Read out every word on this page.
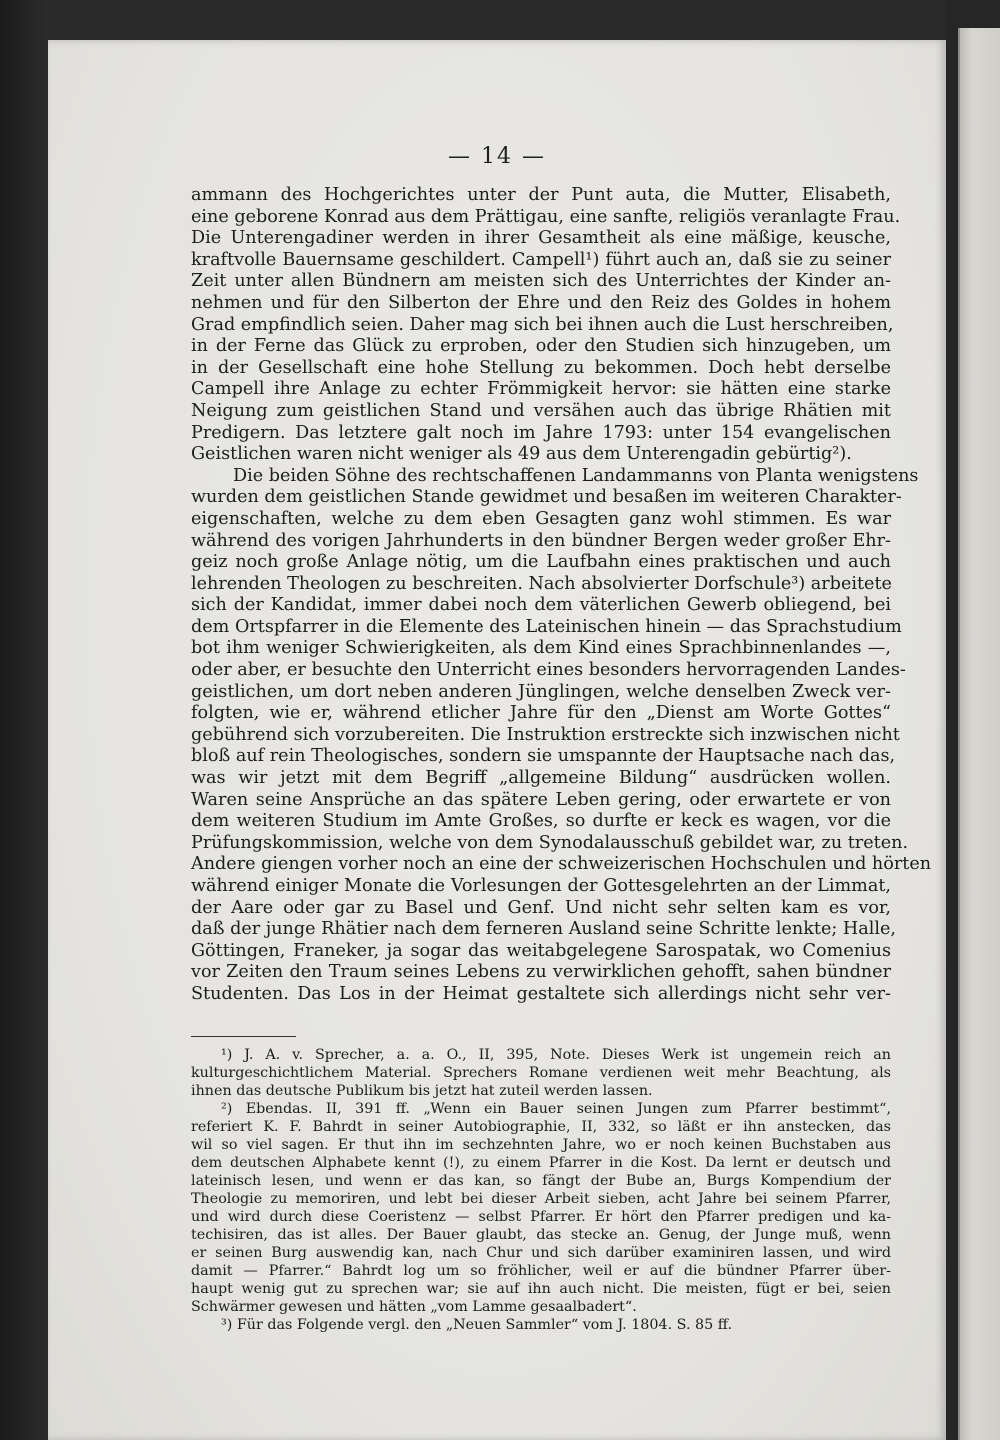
— 14 —
ammann des Hochgerichtes unter der Punt auta, die Mutter, Elisabeth,
eine geborene Konrad aus dem Prättigau, eine sanfte, religiös veranlagte Frau.
Die Unterengadiner werden in ihrer Gesamtheit als eine mäßige, keusche,
kraftvolle Bauernsame geschildert. Campell¹) führt auch an, daß sie zu seiner
Zeit unter allen Bündnern am meisten sich des Unterrichtes der Kinder an-
nehmen und für den Silberton der Ehre und den Reiz des Goldes in hohem
Grad empfindlich seien. Daher mag sich bei ihnen auch die Lust herschreiben,
in der Ferne das Glück zu erproben, oder den Studien sich hinzugeben, um
in der Gesellschaft eine hohe Stellung zu bekommen. Doch hebt derselbe
Campell ihre Anlage zu echter Frömmigkeit hervor: sie hätten eine starke
Neigung zum geistlichen Stand und versähen auch das übrige Rhätien mit
Predigern. Das letztere galt noch im Jahre 1793: unter 154 evangelischen
Geistlichen waren nicht weniger als 49 aus dem Unterengadin gebürtig²).
Die beiden Söhne des rechtschaffenen Landammanns von Planta wenigstens
wurden dem geistlichen Stande gewidmet und besaßen im weiteren Charakter-
eigenschaften, welche zu dem eben Gesagten ganz wohl stimmen. Es war
während des vorigen Jahrhunderts in den bündner Bergen weder großer Ehr-
geiz noch große Anlage nötig, um die Laufbahn eines praktischen und auch
lehrenden Theologen zu beschreiten. Nach absolvierter Dorfschule³) arbeitete
sich der Kandidat, immer dabei noch dem väterlichen Gewerb obliegend, bei
dem Ortspfarrer in die Elemente des Lateinischen hinein — das Sprachstudium
bot ihm weniger Schwierigkeiten, als dem Kind eines Sprachbinnenlandes —,
oder aber, er besuchte den Unterricht eines besonders hervorragenden Landes-
geistlichen, um dort neben anderen Jünglingen, welche denselben Zweck ver-
folgten, wie er, während etlicher Jahre für den „Dienst am Worte Gottes“
gebührend sich vorzubereiten. Die Instruktion erstreckte sich inzwischen nicht
bloß auf rein Theologisches, sondern sie umspannte der Hauptsache nach das,
was wir jetzt mit dem Begriff „allgemeine Bildung“ ausdrücken wollen.
Waren seine Ansprüche an das spätere Leben gering, oder erwartete er von
dem weiteren Studium im Amte Großes, so durfte er keck es wagen, vor die
Prüfungskommission, welche von dem Synodalausschuß gebildet war, zu treten.
Andere giengen vorher noch an eine der schweizerischen Hochschulen und hörten
während einiger Monate die Vorlesungen der Gottesgelehrten an der Limmat,
der Aare oder gar zu Basel und Genf. Und nicht sehr selten kam es vor,
daß der junge Rhätier nach dem ferneren Ausland seine Schritte lenkte; Halle,
Göttingen, Franeker, ja sogar das weitabgelegene Sarospatak, wo Comenius
vor Zeiten den Traum seines Lebens zu verwirklichen gehofft, sahen bündner
Studenten. Das Los in der Heimat gestaltete sich allerdings nicht sehr ver-
¹) J. A. v. Sprecher, a. a. O., II, 395, Note. Dieses Werk ist ungemein reich an
kulturgeschichtlichem Material. Sprechers Romane verdienen weit mehr Beachtung, als
ihnen das deutsche Publikum bis jetzt hat zuteil werden lassen.
²) Ebendas. II, 391 ff. „Wenn ein Bauer seinen Jungen zum Pfarrer bestimmt“,
referiert K. F. Bahrdt in seiner Autobiographie, II, 332, so läßt er ihn anstecken, das
wil so viel sagen. Er thut ihn im sechzehnten Jahre, wo er noch keinen Buchstaben aus
dem deutschen Alphabete kennt (!), zu einem Pfarrer in die Kost. Da lernt er deutsch und
lateinisch lesen, und wenn er das kan, so fängt der Bube an, Burgs Kompendium der
Theologie zu memoriren, und lebt bei dieser Arbeit sieben, acht Jahre bei seinem Pfarrer,
und wird durch diese Coeristenz — selbst Pfarrer. Er hört den Pfarrer predigen und ka-
techisiren, das ist alles. Der Bauer glaubt, das stecke an. Genug, der Junge muß, wenn
er seinen Burg auswendig kan, nach Chur und sich darüber examiniren lassen, und wird
damit — Pfarrer.“ Bahrdt log um so fröhlicher, weil er auf die bündner Pfarrer über-
haupt wenig gut zu sprechen war; sie auf ihn auch nicht. Die meisten, fügt er bei, seien
Schwärmer gewesen und hätten „vom Lamme gesaalbadert“.
³) Für das Folgende vergl. den „Neuen Sammler“ vom J. 1804. S. 85 ff.
